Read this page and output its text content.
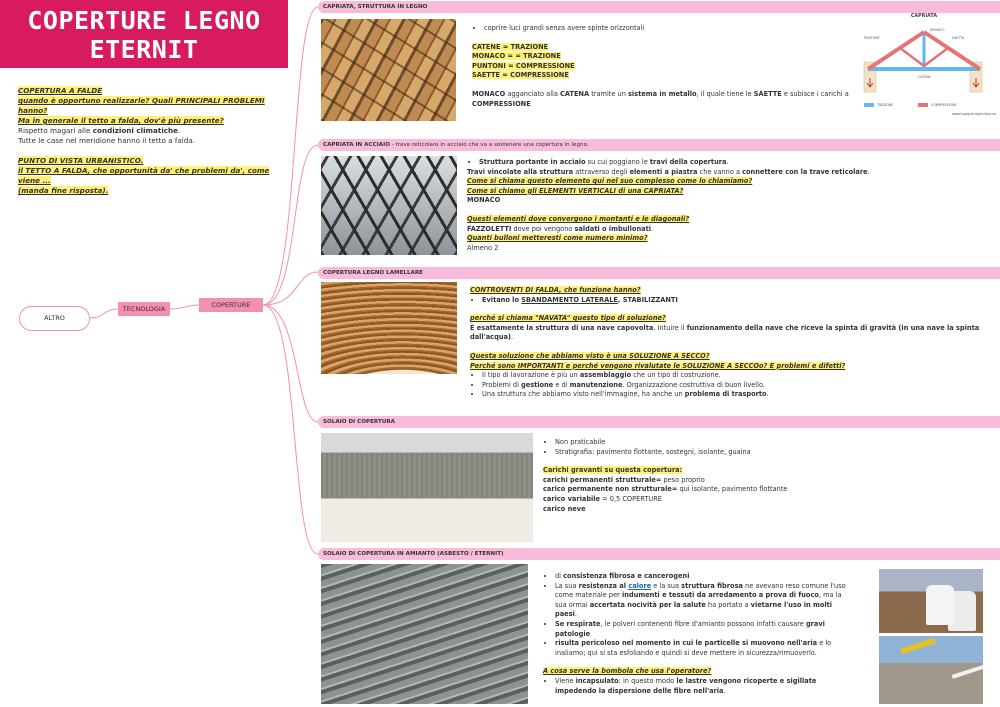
COPERTURE LEGNO
ETERNIT

COPERTURA A FALDE

quando è opportuno realizzarle? Quali PRINCIPALI PROBLEMI hanno?

Ma in generale il tetto a falda, dov'è più presente?

Rispetto magari alle condizioni climatiche.

Tutte le case nel meridione hanno il tetto a falda.

PUNTO DI VISTA URBANISTICO.

il TETTO A FALDA, che opportunità da' che problemi da', come viene ...

(manda fine risposta).

ALTRO
TECNOLOGIA	COPERTURE
CAPRIATA, STRUTTURA IN LEGNO
• coprire luci grandi senza avere spinte orizzontali

CATENE = TRAZIONE

MONACO = = TRAZIONE

PUNTONI = COMPRESSIONE

SAETTE = COMPRESSIONE

MONACO agganciato alla CATENA tramite un sistema in metallo, il quale tiene le SAETTE e subisce i carichi a

COMPRESSIONE

CAPRIATA
PUNTONE
MONACO
SAETTA
CATENA
TRAZIONE	COMPRESSIONE
www.ingegneriagiuridica.eu
CAPRIATA IN ACCIAIO - trave reticolare in acciaio che va a sostenere una copertura in legno.
• Struttura portante in acciaio su cui poggiano le travi della copertura.

Travi vincolate alla struttura attraverso degli elementi a piastra che vanno a connettere con la trave reticolare.

Come si chiama questo elemento qui nel suo complesso come lo chiamiamo?

Come si chiamo gli ELEMENTI VERTICALI di una CAPRIATA?

MONACO

Questi elementi dove convergono i montanti e le diagonali?

FAZZOLETTI dove poi vengono saldati o imbullonati.

Quanti bulloni metteresti come numero minimo?

Almeno 2

COPERTURA LEGNO LAMELLARE

CONTROVENTI DI FALDA, che funzione hanno?

• Evitano lo SBANDAMENTO LATERALE, STABILIZZANTI

perché si chiama "NAVATA" questo tipo di soluzione?

È esattamente la struttura di una nave capovolta. Intuire il funzionamento della nave che riceve la spinta di gravità (in una nave la spinta dall'acqua).

Questa soluzione che abbiamo visto è una SOLUZIONE A SECCO?

Perché sono IMPORTANTI e perché vengono rivalutate le SOLUZIONE A SECCOo? E problemi e difetti?

• Il tipo di lavorazione è più un assemblaggio che un tipo di costruzione.
• Problemi di gestione e di manutenzione. Organizzazione costruttiva di buon livello.
• Una struttura che abbiamo visto nell'immagine, ha anche un problema di trasporto.
SOLAIO DI COPERTURA
• Non praticabile
• Stratigrafia: pavimento flottante, sostegni, isolante, guaina

Carichi gravanti su questa copertura:

carichi permanenti strutturale= peso proprio

carico permanente non strutturale= qui isolante, pavimento flottante

carico variabile = 0,5 COPERTURE

carico neve

SOLAIO DI COPERTURA IN AMIANTO (ASBESTO / ETERNIT)
• di consistenza fibrosa e cancerogeni
• La sua resistenza al calore e la sua struttura fibrosa ne avevano reso comune l'uso come materiale per indumenti e tessuti da arredamento a prova di fuoco, ma la sua ormai accertata nocività per la salute ha portato a vietarne l'uso in molti paesi.
• Se respirate, le polveri contenenti fibre d'amianto possono infatti causare gravi patologie
• risulta pericoloso nel momento in cui le particelle si muovono nell'aria e lo inaliamo; qui si sta esfoliando e quindi si deve mettere in sicurezza/rimuoverlo.

A cosa serve la bombola che usa l'operatore?

• Viene incapsulato: in questo modo le lastre vengono ricoperte e sigillate impedendo la dispersione delle fibre nell'aria.
